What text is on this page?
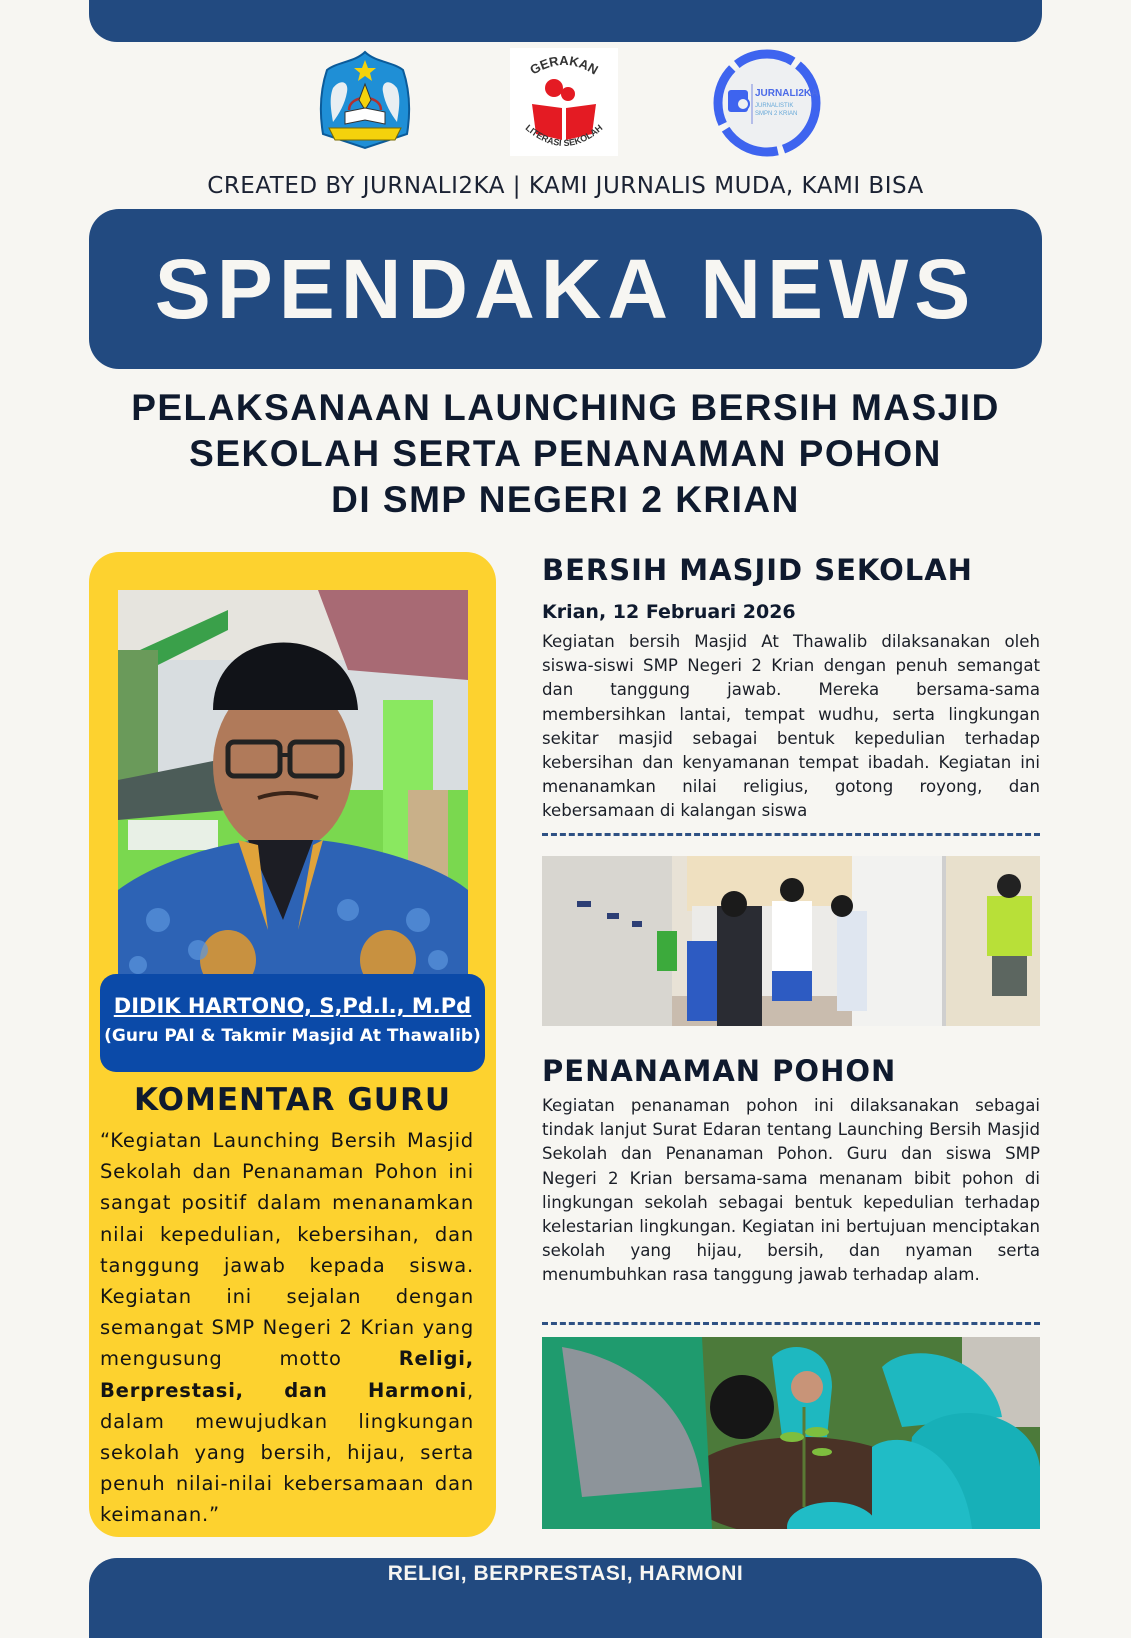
GERAKAN
LITERASI SEKOLAH
JURNALI2KA
JURNALISTIK
SMPN 2 KRIAN
CREATED BY JURNALI2KA | KAMI JURNALIS MUDA, KAMI BISA
SPENDAKA NEWS
PELAKSANAAN LAUNCHING BERSIH MASJID
SEKOLAH SERTA PENANAMAN POHON
DI SMP NEGERI 2 KRIAN
DIDIK HARTONO, S,Pd.I., M.Pd
(Guru PAI & Takmir Masjid At Thawalib)
KOMENTAR GURU
“Kegiatan Launching Bersih Masjid Sekolah dan Penanaman Pohon ini sangat positif dalam menanamkan nilai kepedulian, kebersihan, dan tanggung jawab kepada siswa. Kegiatan ini sejalan dengan semangat SMP Negeri 2 Krian yang mengusung motto Religi, Berprestasi, dan Harmoni, dalam mewujudkan lingkungan sekolah yang bersih, hijau, serta penuh nilai-nilai kebersamaan dan keimanan.”
BERSIH MASJID SEKOLAH
Krian, 12 Februari 2026
Kegiatan bersih Masjid At Thawalib dilaksanakan oleh siswa-siswi SMP Negeri 2 Krian dengan penuh semangat dan tanggung jawab. Mereka bersama-sama membersihkan lantai, tempat wudhu, serta lingkungan sekitar masjid sebagai bentuk kepedulian terhadap kebersihan dan kenyamanan tempat ibadah. Kegiatan ini menanamkan nilai religius, gotong royong, dan kebersamaan di kalangan siswa
PENANAMAN POHON
Kegiatan penanaman pohon ini dilaksanakan sebagai tindak lanjut Surat Edaran tentang Launching Bersih Masjid Sekolah dan Penanaman Pohon. Guru dan siswa SMP Negeri 2 Krian bersama-sama menanam bibit pohon di lingkungan sekolah sebagai bentuk kepedulian terhadap kelestarian lingkungan. Kegiatan ini bertujuan menciptakan sekolah yang hijau, bersih, dan nyaman serta menumbuhkan rasa tanggung jawab terhadap alam.
RELIGI, BERPRESTASI, HARMONI
